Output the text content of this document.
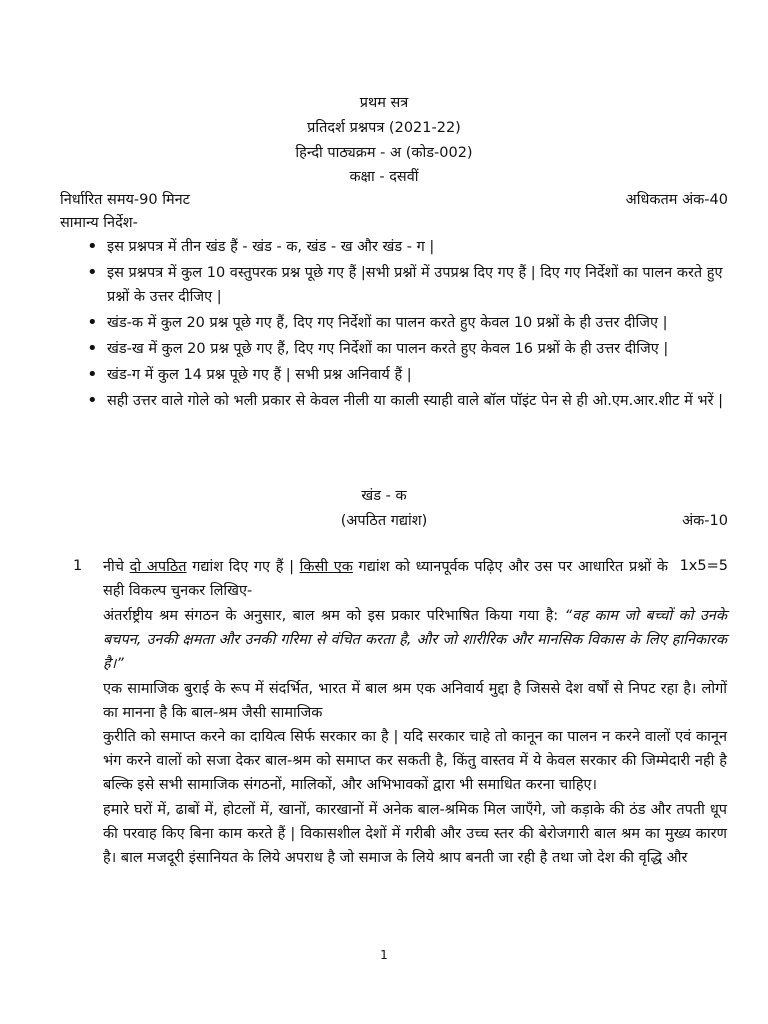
प्रथम सत्र
प्रतिदर्श प्रश्नपत्र (2021-22)
हिन्दी पाठ्यक्रम - अ (कोड-002)
कक्षा - दसवीं
निर्धारित समय-90 मिनट	अधिकतम अंक-40
सामान्य निर्देश-
• इस प्रश्नपत्र में तीन खंड हैं - खंड - क, खंड - ख और खंड - ग |
• इस प्रश्नपत्र में कुल 10 वस्तुपरक प्रश्न पूछे गए हैं |सभी प्रश्नों में उपप्रश्न दिए गए हैं | दिए गए निर्देशों का पालन करते हुए प्रश्नों के उत्तर दीजिए |
• खंड-क में कुल 20 प्रश्न पूछे गए हैं, दिए गए निर्देशों का पालन करते हुए केवल 10 प्रश्नों के ही उत्तर दीजिए |
• खंड-ख में कुल 20 प्रश्न पूछे गए हैं, दिए गए निर्देशों का पालन करते हुए केवल 16 प्रश्नों के ही उत्तर दीजिए |
• खंड-ग में कुल 14 प्रश्न पूछे गए हैं | सभी प्रश्न अनिवार्य हैं |
• सही उत्तर वाले गोले को भली प्रकार से केवल नीली या काली स्याही वाले बॉल पॉइंट पेन से ही ओ.एम.आर.शीट में भरें |
खंड - क
(अपठित गद्यांश)	अंक-10
1	1x5=5
नीचे दो अपठित गद्यांश दिए गए हैं | किसी एक गद्यांश को ध्यानपूर्वक पढ़िए और उस पर आधारित प्रश्नों के सही विकल्प चुनकर लिखिए-

अंतर्राष्ट्रीय श्रम संगठन के अनुसार, बाल श्रम को इस प्रकार परिभाषित किया गया है: “वह काम जो बच्चों को उनके बचपन, उनकी क्षमता और उनकी गरिमा से वंचित करता है, और जो शारीरिक और मानसिक विकास के लिए हानिकारक है।”

एक सामाजिक बुराई के रूप में संदर्भित, भारत में बाल श्रम एक अनिवार्य मुद्दा है जिससे देश वर्षों से निपट रहा है। लोगों का मानना है कि बाल-श्रम जैसी सामाजिक

कुरीति को समाप्त करने का दायित्व सिर्फ सरकार का है | यदि सरकार चाहे तो कानून का पालन न करने वालों एवं कानून भंग करने वालों को सजा देकर बाल-श्रम को समाप्त कर सकती है, किंतु वास्तव में ये केवल सरकार की जिम्मेदारी नही है बल्कि इसे सभी सामाजिक संगठनों, मालिकों, और अभिभावकों द्वारा भी समाधित करना चाहिए।

हमारे घरों में, ढाबों में, होटलों में, खानों, कारखानों में अनेक बाल-श्रमिक मिल जाएँगे, जो कड़ाके की ठंड और तपती धूप की परवाह किए बिना काम करते हैं | विकासशील देशों में गरीबी और उच्च स्तर की बेरोजगारी बाल श्रम का मुख्य कारण है। बाल मजदूरी इंसानियत के लिये अपराध है जो समाज के लिये श्राप बनती जा रही है तथा जो देश की वृद्धि और

1
